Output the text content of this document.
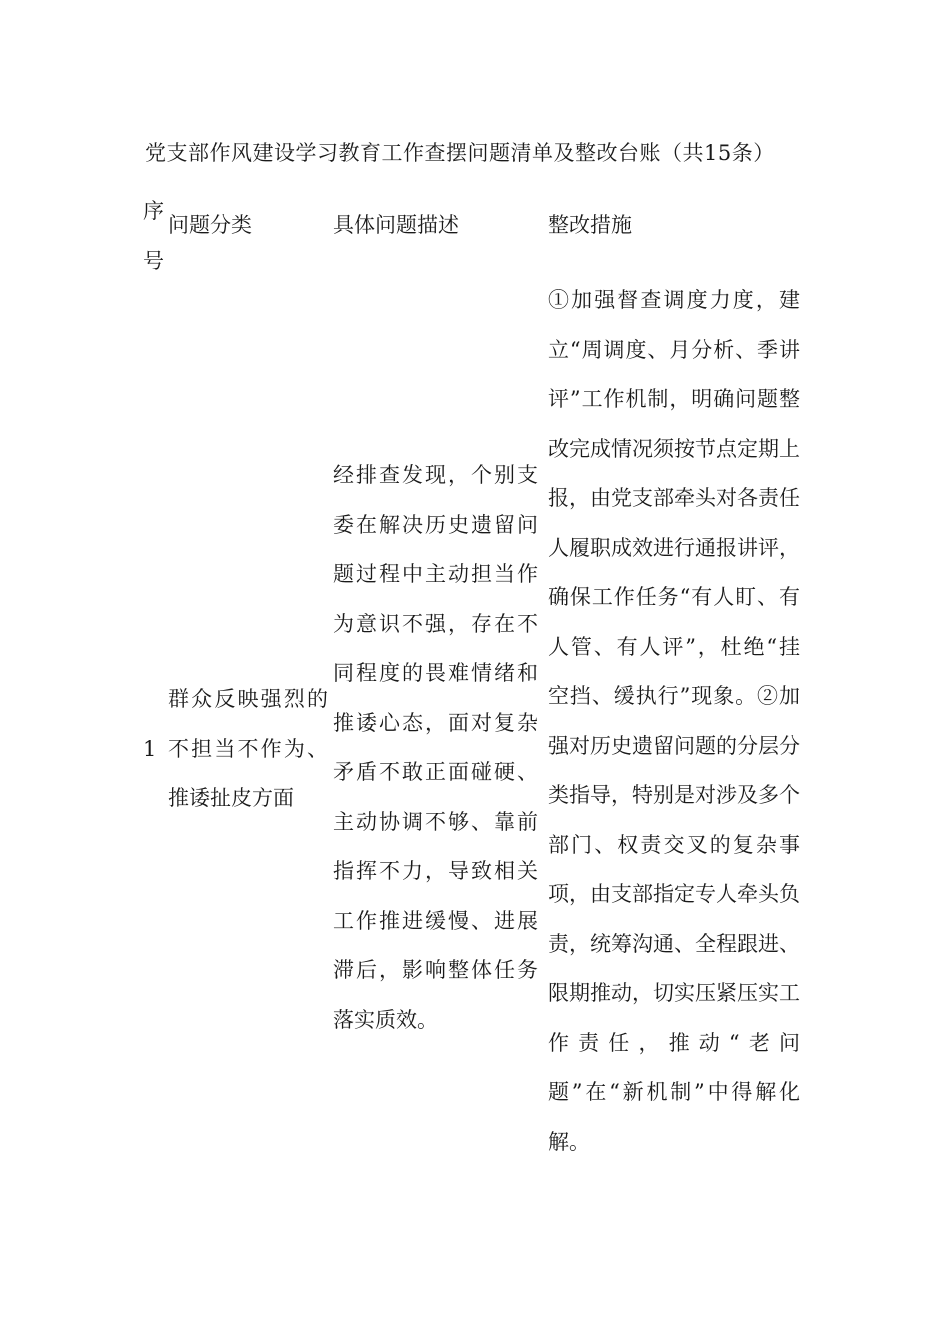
党支部作风建设学习教育工作查摆问题清单及整改台账（共15条）
序号
问题分类	具体问题描述	整改措施
1
群众反映强烈的不担当不作为、推诿扯皮方面
经排查发现，个别支委在解决历史遗留问题过程中主动担当作为意识不强，存在不同程度的畏难情绪和推诿心态，面对复杂矛盾不敢正面碰硬、主动协调不够、靠前指挥不力，导致相关工作推进缓慢、进展滞后，影响整体任务落实质效。
①加强督查调度力度，建立“周调度、月分析、季讲评”工作机制，明确问题整改完成情况须按节点定期上报，由党支部牵头对各责任人履职成效进行通报讲评，确保工作任务“有人盯、有人管、有人评”，杜绝“挂空挡、缓执行”现象。②加强对历史遗留问题的分层分类指导，特别是对涉及多个部门、权责交叉的复杂事项，由支部指定专人牵头负责，统筹沟通、全程跟进、限期推动，切实压紧压实工作责任，推动“老问题”在“新机制”中得解化解。
